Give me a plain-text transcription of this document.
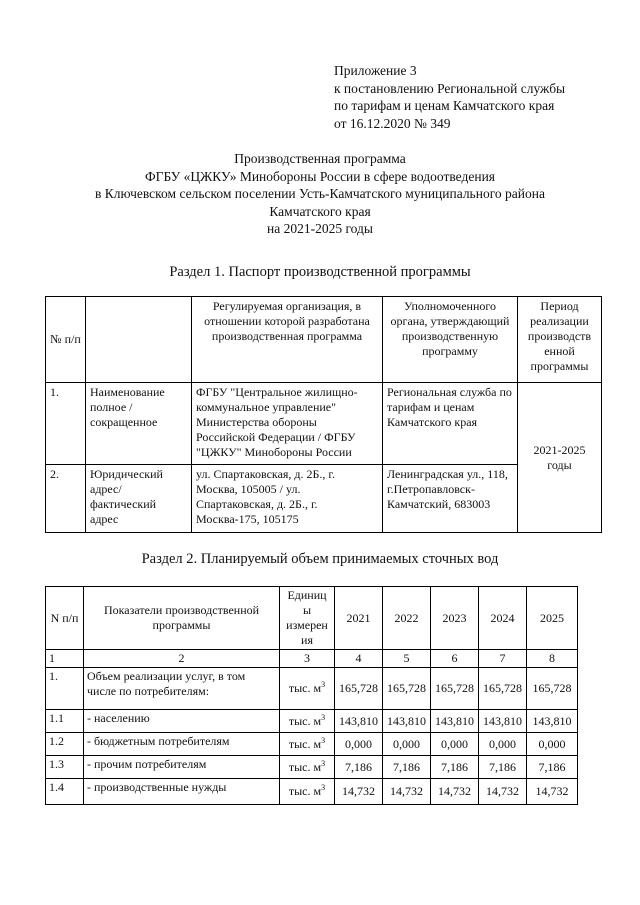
Приложение 3
к постановлению Региональной службы
по тарифам и ценам Камчатского края
от 16.12.2020 № 349
Производственная программа
ФГБУ «ЦЖКУ» Минобороны России в сфере водоотведения
в Ключевском сельском поселении Усть-Камчатского муниципального района
Камчатского края
на 2021-2025 годы
Раздел 1. Паспорт производственной программы
№ п/п		Регулируемая организация, в отношении которой разработана производственная программа	Уполномоченного органа, утверждающий производственную программу	Период реализации производств енной программы
1.	Наименование полное / сокращенное	ФГБУ "Центральное жилищно-коммунальное управление" Министерства обороны Российской Федерации / ФГБУ "ЦЖКУ" Минобороны России	Региональная служба по тарифам и ценам Камчатского края	2021-2025 годы
2.	Юридический адрес/ фактический адрес	ул. Спартаковская, д. 2Б., г. Москва, 105005 / ул. Спартаковская, д. 2Б., г. Москва-175, 105175	Ленинградская ул., 118, г.Петропавловск-Камчатский, 683003	
Раздел 2. Планируемый объем принимаемых сточных вод
N п/п	Показатели производственной программы	Единиц ы измерен ия	2021	2022	2023	2024	2025
1	2	3	4	5	6	7	8
1.	Объем реализации услуг, в том числе по потребителям:	тыс. $м^3$	165,728	165,728	165,728	165,728	165,728
1.1	- населению	тыс. $м^3$	143,810	143,810	143,810	143,810	143,810
1.2	- бюджетным потребителям	тыс. $м^3$	0,000	0,000	0,000	0,000	0,000
1.3	- прочим потребителям	тыс. $м^3$	7,186	7,186	7,186	7,186	7,186
1.4	- производственные нужды	тыс. $м^3$	14,732	14,732	14,732	14,732	14,732
